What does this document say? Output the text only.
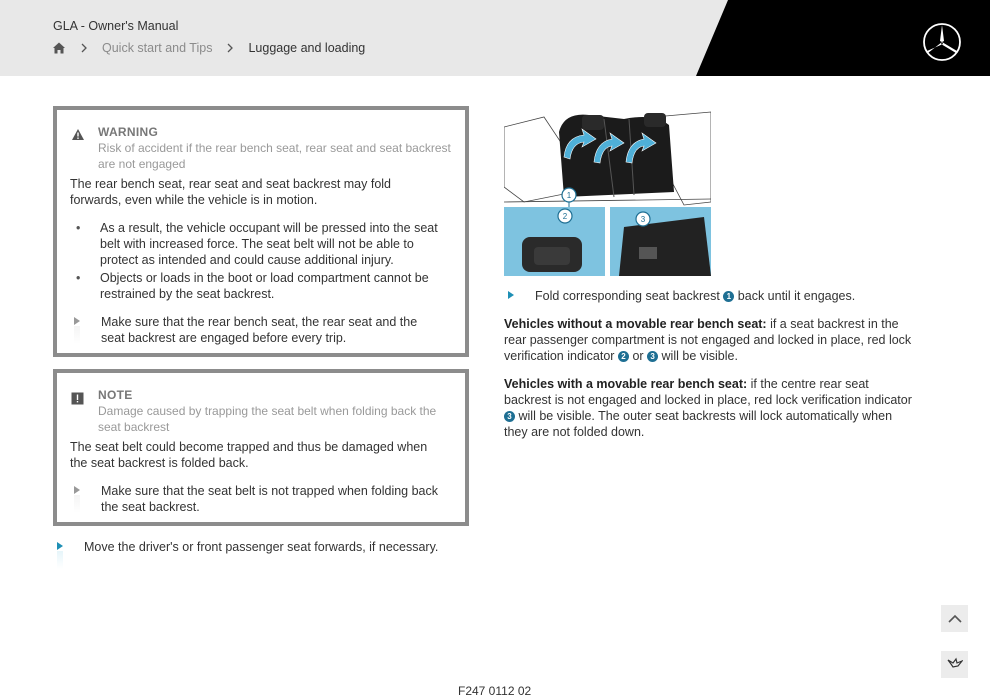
GLA - Owner's Manual
Quick start and Tips	Luggage and loading
WARNING
Risk of accident if the rear bench seat, rear seat and seat backrest are not engaged
The rear bench seat, rear seat and seat backrest may fold forwards, even while the vehicle is in motion.
• As a result, the vehicle occupant will be pressed into the seat belt with increased force. The seat belt will not be able to protect as intended and could cause additional injury.
• Objects or loads in the boot or load compartment cannot be restrained by the seat backrest.
Make sure that the rear bench seat, the rear seat and the seat backrest are engaged before every trip.
NOTE
Damage caused by trapping the seat belt when folding back the seat backrest
The seat belt could become trapped and thus be damaged when the seat backrest is folded back.
Make sure that the seat belt is not trapped when folding back the seat backrest.
Move the driver's or front passenger seat forwards, if necessary.
1
2	3
Fold corresponding seat backrest 1 back until it engages.
Vehicles without a movable rear bench seat: if a seat backrest in the rear passenger compartment is not engaged and locked in place, red lock verification indicator 2 or 3 will be visible.
Vehicles with a movable rear bench seat: if the centre rear seat backrest is not engaged and locked in place, red lock verification indicator 3 will be visible. The outer seat backrests will lock automatically when they are not folded down.
F247 0112 02
